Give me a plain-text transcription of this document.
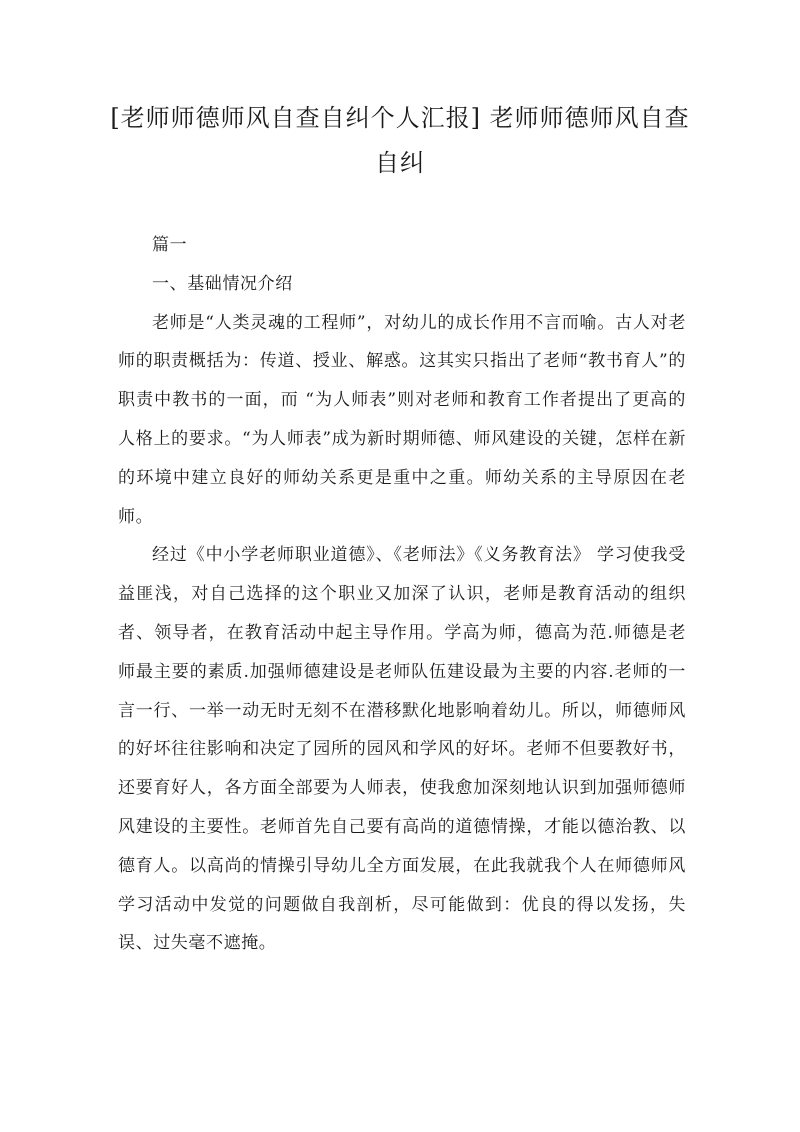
[老师师德师风自查自纠个人汇报] 老师师德师风自查自纠

篇一

一、基础情况介绍

老师是“人类灵魂的工程师”，对幼儿的成长作用不言而喻。古人对老师的职责概括为：传道、授业、解惑。这其实只指出了老师“教书育人”的职责中教书的一面，而 “为人师表”则对老师和教育工作者提出了更高的人格上的要求。“为人师表”成为新时期师德、师风建设的关键，怎样在新的环境中建立良好的师幼关系更是重中之重。师幼关系的主导原因在老师。

经过《中小学老师职业道德》、《老师法》《义务教育法》 学习使我受益匪浅，对自己选择的这个职业又加深了认识，老师是教育活动的组织者、领导者，在教育活动中起主导作用。学高为师，德高为范.师德是老师最主要的素质.加强师德建设是老师队伍建设最为主要的内容.老师的一言一行、一举一动无时无刻不在潜移默化地影响着幼儿。所以，师德师风的好坏往往影响和决定了园所的园风和学风的好坏。老师不但要教好书，还要育好人，各方面全部要为人师表，使我愈加深刻地认识到加强师德师风建设的主要性。老师首先自己要有高尚的道德情操，才能以德治教、以德育人。以高尚的情操引导幼儿全方面发展，在此我就我个人在师德师风学习活动中发觉的问题做自我剖析，尽可能做到：优良的得以发扬，失误、过失毫不遮掩。
